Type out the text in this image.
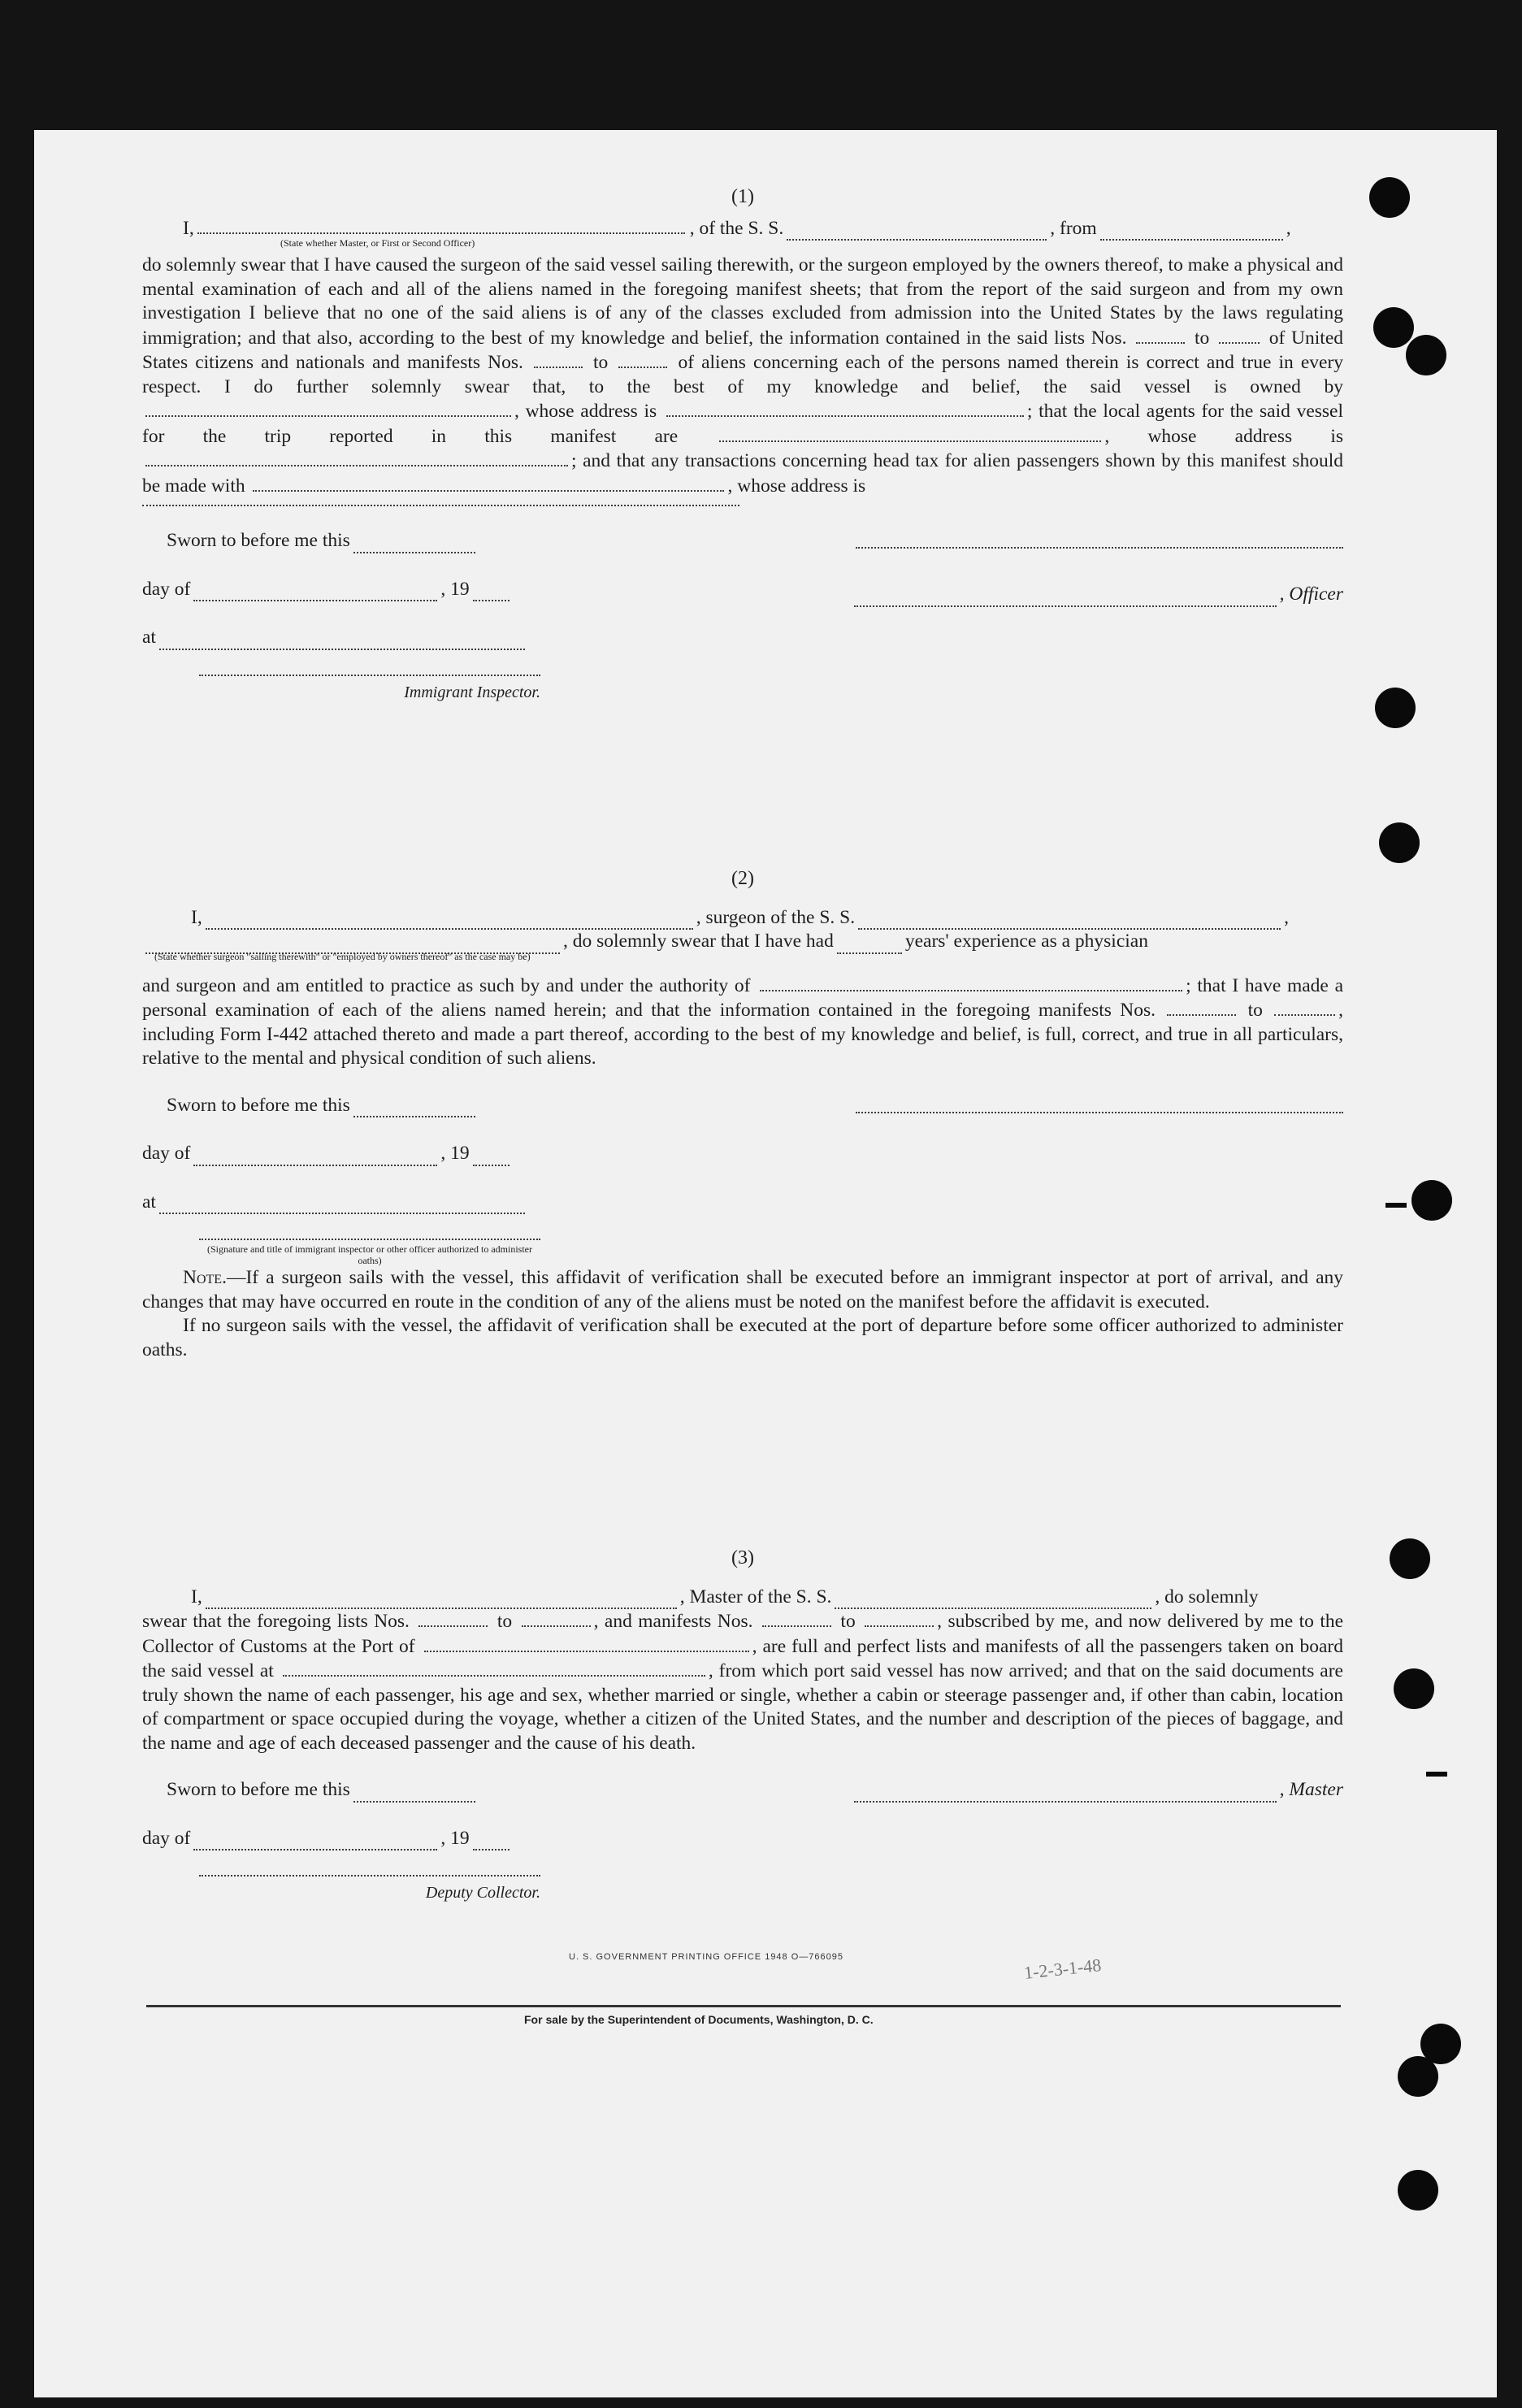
(1)

I,	, of the S. S.	, from	,
(State whether Master, or First or Second Officer)

do solemnly swear that I have caused the surgeon of the said vessel sailing therewith, or the surgeon employed by the owners thereof, to make a physical and mental examination of each and all of the aliens named in the foregoing manifest sheets; that from the report of the said surgeon and from my own investigation I believe that no one of the said aliens is of any of the classes excluded from admission into the United States by the laws regulating immigration; and that also, according to the best of my knowledge and belief, the information contained in the said lists Nos.	to	of United States citizens and nationals and manifests Nos.	to	of aliens concerning each of the persons named therein is correct and true in every respect. I do further solemnly swear that, to the best of my knowledge and belief, the said vessel is owned by , whose address is	; that the local agents for the said vessel for the trip reported in this manifest are	, whose address is ; and that any transactions concerning head tax for alien passengers shown by this manifest should be made with	, whose address is

Sworn to before me this
day of	, 19
at
Immigrant Inspector.
, Officer

(2)

I,	, surgeon of the S. S.	,
, do solemnly swear that I have had	years' experience as a physician
(State whether surgeon "sailing therewith" or "employed by owners thereof" as the case may be)

and surgeon and am entitled to practice as such by and under the authority of	; that I have made a personal examination of each of the aliens named herein; and that the information contained in the foregoing manifests Nos.	to	, including Form I-442 attached thereto and made a part thereof, according to the best of my knowledge and belief, is full, correct, and true in all particulars, relative to the mental and physical condition of such aliens.

Sworn to before me this
day of	, 19
at
(Signature and title of immigrant inspector or other officer authorized to administer oaths)

Note.—If a surgeon sails with the vessel, this affidavit of verification shall be executed before an immigrant inspector at port of arrival, and any changes that may have occurred en route in the condition of any of the aliens must be noted on the manifest before the affidavit is executed.

If no surgeon sails with the vessel, the affidavit of verification shall be executed at the port of departure before some officer authorized to administer oaths.

(3)

I,	, Master of the S. S.	, do solemnly

swear that the foregoing lists Nos.	to	, and manifests Nos.	to	, subscribed by me, and now delivered by me to the Collector of Customs at the Port of	, are full and perfect lists and manifests of all the passengers taken on board the said vessel at	, from which port said vessel has now arrived; and that on the said documents are truly shown the name of each passenger, his age and sex, whether married or single, whether a cabin or steerage passenger and, if other than cabin, location of compartment or space occupied during the voyage, whether a citizen of the United States, and the number and description of the pieces of baggage, and the name and age of each deceased passenger and the cause of his death.

Sworn to before me this
day of	, 19
Deputy Collector.
, Master
U. S. GOVERNMENT PRINTING OFFICE 1948 O—766095
For sale by the Superintendent of Documents, Washington, D. C.
1-2-3-1-48
